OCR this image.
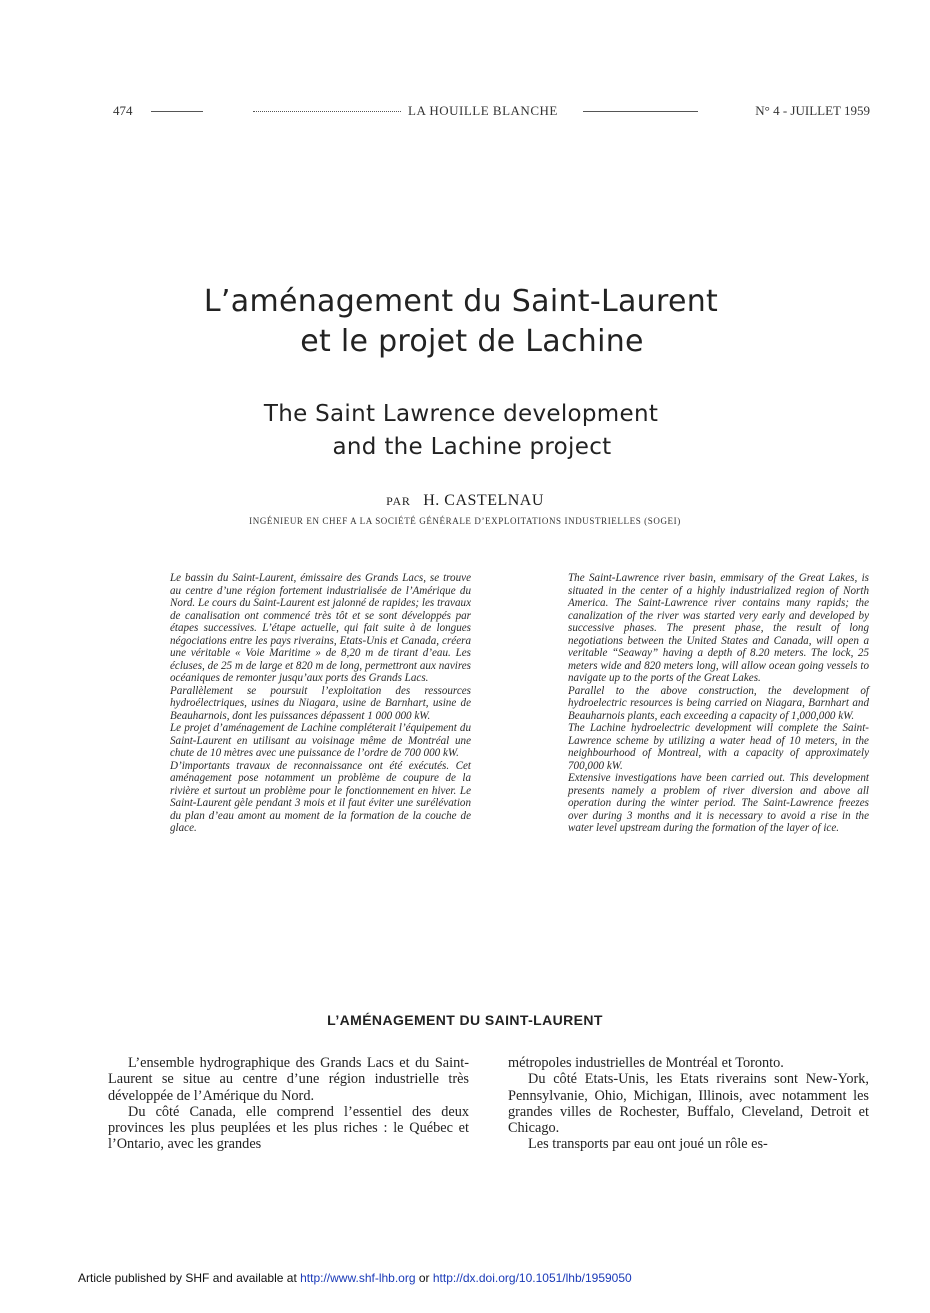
474	LA HOUILLE BLANCHE	N° 4 - JUILLET 1959
L’aménagement du Saint-Laurent
et le projet de Lachine
The Saint Lawrence development
and the Lachine project
PAR H. CASTELNAU
INGÉNIEUR EN CHEF A LA SOCIÉTÉ GÉNÉRALE D’EXPLOITATIONS INDUSTRIELLES (SOGEI)

Le bassin du Saint-Laurent, émissaire des Grands Lacs, se trouve au centre d’une région fortement industrialisée de l’Amérique du Nord. Le cours du Saint-Laurent est jalonné de rapides; les travaux de canalisation ont commencé très tôt et se sont développés par étapes successives. L’étape actuelle, qui fait suite à de longues négociations entre les pays riverains, Etats-Unis et Canada, créera une véritable « Voie Maritime » de 8,20 m de tirant d’eau. Les écluses, de 25 m de large et 820 m de long, permettront aux navires océaniques de remonter jusqu’aux ports des Grands Lacs.

Parallèlement se poursuit l’exploitation des ressources hydroélectriques, usines du Niagara, usine de Barnhart, usine de Beauharnois, dont les puissances dépassent 1 000 000 kW.

Le projet d’aménagement de Lachine compléterait l’équipement du Saint-Laurent en utilisant au voisinage même de Montréal une chute de 10 mètres avec une puissance de l’ordre de 700 000 kW.

D’importants travaux de reconnaissance ont été exécutés. Cet aménagement pose notamment un problème de coupure de la rivière et surtout un problème pour le fonctionnement en hiver. Le Saint-Laurent gèle pendant 3 mois et il faut éviter une surélévation du plan d’eau amont au moment de la formation de la couche de glace.

The Saint-Lawrence river basin, emmisary of the Great Lakes, is situated in the center of a highly industrialized region of North America. The Saint-Lawrence river contains many rapids; the canalization of the river was started very early and developed by successive phases. The present phase, the result of long negotiations between the United States and Canada, will open a veritable “Seaway” having a depth of 8.20 meters. The lock, 25 meters wide and 820 meters long, will allow ocean going vessels to navigate up to the ports of the Great Lakes.

Parallel to the above construction, the development of hydroelectric resources is being carried on Niagara, Barnhart and Beauharnois plants, each exceeding a capacity of 1,000,000 kW.

The Lachine hydroelectric development will complete the Saint-Lawrence scheme by utilizing a water head of 10 meters, in the neighbourhood of Montreal, with a capacity of approximately 700,000 kW.

Extensive investigations have been carried out. This development presents namely a problem of river diversion and above all operation during the winter period. The Saint-Lawrence freezes over during 3 months and it is necessary to avoid a rise in the water level upstream during the formation of the layer of ice.

L’AMÉNAGEMENT DU SAINT-LAURENT

L’ensemble hydrographique des Grands Lacs et du Saint-Laurent se situe au centre d’une région industrielle très développée de l’Amérique du Nord.

Du côté Canada, elle comprend l’essentiel des deux provinces les plus peuplées et les plus riches : le Québec et l’Ontario, avec les grandes

métropoles industrielles de Montréal et Toronto.

Du côté Etats-Unis, les Etats riverains sont New-York, Pennsylvanie, Ohio, Michigan, Illinois, avec notamment les grandes villes de Rochester, Buffalo, Cleveland, Detroit et Chicago.

Les transports par eau ont joué un rôle es-

Article published by SHF and available at http://www.shf-lhb.org or http://dx.doi.org/10.1051/lhb/1959050
